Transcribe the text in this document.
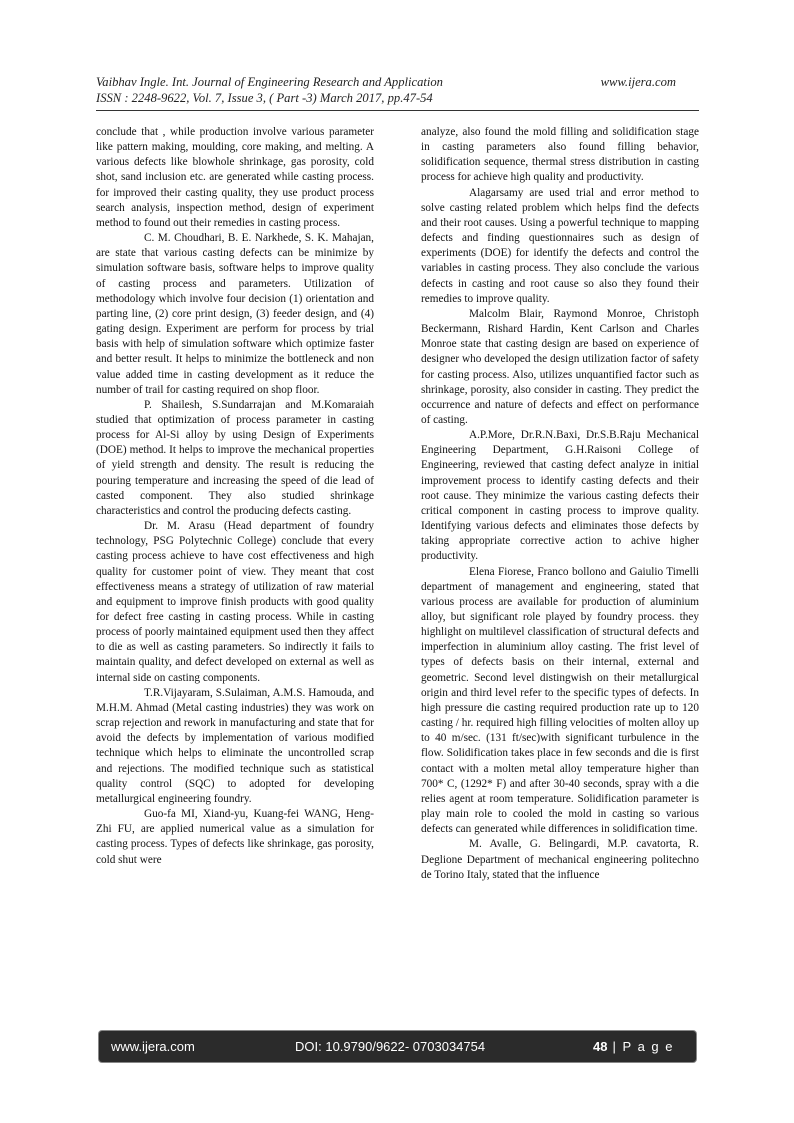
Vaibhav Ingle. Int. Journal of Engineering Research and Application	www.ijera.com
ISSN : 2248-9622, Vol. 7, Issue 3, ( Part -3) March 2017, pp.47-54

conclude that , while production involve various parameter like pattern making, moulding, core making, and melting. A various defects like blowhole shrinkage, gas porosity, cold shot, sand inclusion etc. are generated while casting process. for improved their casting quality, they use product process search analysis, inspection method, design of experiment method to found out their remedies in casting process.

C. M. Choudhari, B. E. Narkhede, S. K. Mahajan, are state that various casting defects can be minimize by simulation software basis, software helps to improve quality of casting process and parameters. Utilization of methodology which involve four decision (1) orientation and parting line, (2) core print design, (3) feeder design, and (4) gating design. Experiment are perform for process by trial basis with help of simulation software which optimize faster and better result. It helps to minimize the bottleneck and non value added time in casting development as it reduce the number of trail for casting required on shop floor.

P. Shailesh, S.Sundarrajan and M.Komaraiah studied that optimization of process parameter in casting process for Al-Si alloy by using Design of Experiments (DOE) method. It helps to improve the mechanical properties of yield strength and density. The result is reducing the pouring temperature and increasing the speed of die lead of casted component. They also studied shrinkage characteristics and control the producing defects casting.

Dr. M. Arasu (Head department of foundry technology, PSG Polytechnic College) conclude that every casting process achieve to have cost effectiveness and high quality for customer point of view. They meant that cost effectiveness means a strategy of utilization of raw material and equipment to improve finish products with good quality for defect free casting in casting process. While in casting process of poorly maintained equipment used then they affect to die as well as casting parameters. So indirectly it fails to maintain quality, and defect developed on external as well as internal side on casting components.

T.R.Vijayaram, S.Sulaiman, A.M.S. Hamouda, and M.H.M. Ahmad (Metal casting industries) they was work on scrap rejection and rework in manufacturing and state that for avoid the defects by implementation of various modified technique which helps to eliminate the uncontrolled scrap and rejections. The modified technique such as statistical quality control (SQC) to adopted for developing metallurgical engineering foundry.

Guo-fa MI, Xiand-yu, Kuang-fei WANG, Heng-Zhi FU, are applied numerical value as a simulation for casting process. Types of defects like shrinkage, gas porosity, cold shut were

analyze, also found the mold filling and solidification stage in casting parameters also found filling behavior, solidification sequence, thermal stress distribution in casting process for achieve high quality and productivity.

Alagarsamy are used trial and error method to solve casting related problem which helps find the defects and their root causes. Using a powerful technique to mapping defects and finding questionnaires such as design of experiments (DOE) for identify the defects and control the variables in casting process. They also conclude the various defects in casting and root cause so also they found their remedies to improve quality.

Malcolm Blair, Raymond Monroe, Christoph Beckermann, Rishard Hardin, Kent Carlson and Charles Monroe state that casting design are based on experience of designer who developed the design utilization factor of safety for casting process. Also, utilizes unquantified factor such as shrinkage, porosity, also consider in casting. They predict the occurrence and nature of defects and effect on performance of casting.

A.P.More, Dr.R.N.Baxi, Dr.S.B.Raju Mechanical Engineering Department, G.H.Raisoni College of Engineering, reviewed that casting defect analyze in initial improvement process to identify casting defects and their root cause. They minimize the various casting defects their critical component in casting process to improve quality. Identifying various defects and eliminates those defects by taking appropriate corrective action to achive higher productivity.

Elena Fiorese, Franco bollono and Gaiulio Timelli department of management and engineering, stated that various process are available for production of aluminium alloy, but significant role played by foundry process. they highlight on multilevel classification of structural defects and imperfection in aluminium alloy casting. The frist level of types of defects basis on their internal, external and geometric. Second level distingwish on their metallurgical origin and third level refer to the specific types of defects. In high pressure die casting required production rate up to 120 casting / hr. required high filling velocities of molten alloy up to 40 m/sec. (131 ft/sec)with significant turbulence in the flow. Solidification takes place in few seconds and die is first contact with a molten metal alloy temperature higher than 700* C, (1292* F) and after 30-40 seconds, spray with a die relies agent at room temperature. Solidification parameter is play main role to cooled the mold in casting so various defects can generated while differences in solidification time.

M. Avalle, G. Belingardi, M.P. cavatorta, R. Deglione Department of mechanical engineering politechno de Torino Italy, stated that the influence

www.ijera.com	DOI: 10.9790/9622- 0703034754	48 | P a g e
